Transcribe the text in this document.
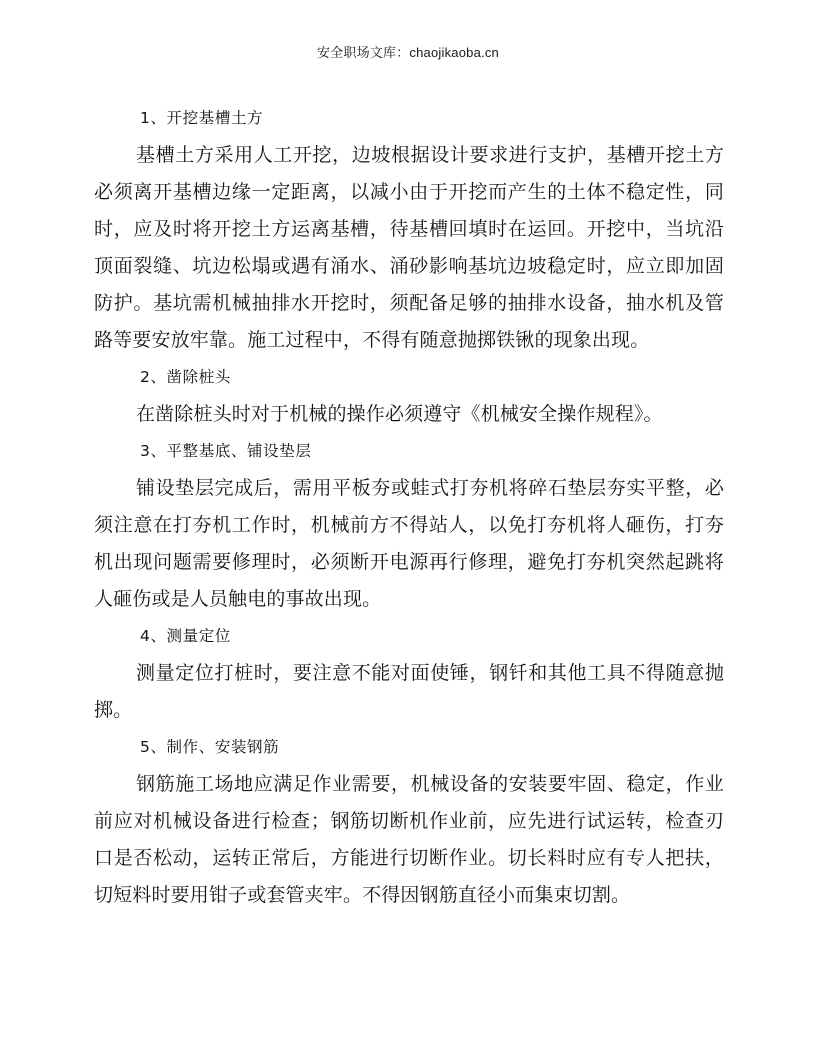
安全职场文库：chaojikaoba.cn

1、开挖基槽土方

基槽土方采用人工开挖，边坡根据设计要求进行支护，基槽开挖土方必须离开基槽边缘一定距离，以减小由于开挖而产生的土体不稳定性，同时，应及时将开挖土方运离基槽，待基槽回填时在运回。开挖中，当坑沿顶面裂缝、坑边松塌或遇有涌水、涌砂影响基坑边坡稳定时，应立即加固防护。基坑需机械抽排水开挖时，须配备足够的抽排水设备，抽水机及管路等要安放牢靠。施工过程中，不得有随意抛掷铁锹的现象出现。

2、凿除桩头

在凿除桩头时对于机械的操作必须遵守《机械安全操作规程》。

3、平整基底、铺设垫层

铺设垫层完成后，需用平板夯或蛙式打夯机将碎石垫层夯实平整，必须注意在打夯机工作时，机械前方不得站人，以免打夯机将人砸伤，打夯机出现问题需要修理时，必须断开电源再行修理，避免打夯机突然起跳将人砸伤或是人员触电的事故出现。

4、测量定位

测量定位打桩时，要注意不能对面使锤，钢钎和其他工具不得随意抛掷。

5、制作、安装钢筋

钢筋施工场地应满足作业需要，机械设备的安装要牢固、稳定，作业前应对机械设备进行检查；钢筋切断机作业前，应先进行试运转，检查刃口是否松动，运转正常后，方能进行切断作业。切长料时应有专人把扶，切短料时要用钳子或套管夹牢。不得因钢筋直径小而集束切割。
